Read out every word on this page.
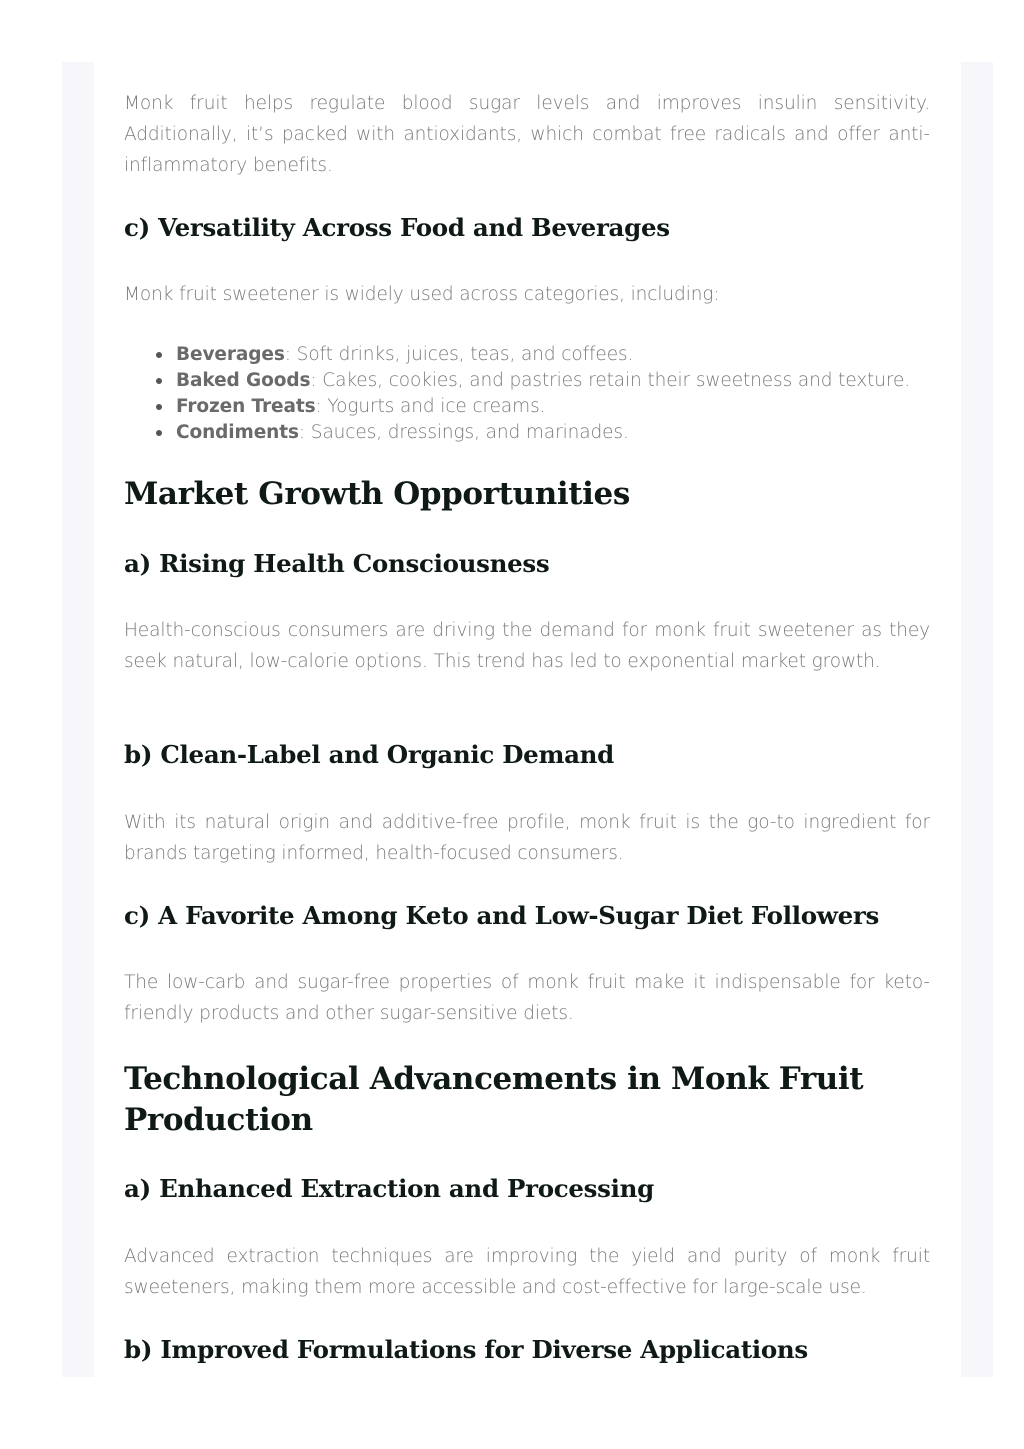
Monk fruit helps regulate blood sugar levels and improves insulin sensitivity. Additionally, it’s packed with antioxidants, which combat free radicals and offer anti-inflammatory benefits.

c) Versatility Across Food and Beverages

Monk fruit sweetener is widely used across categories, including:

Beverages: Soft drinks, juices, teas, and coffees.
Baked Goods: Cakes, cookies, and pastries retain their sweetness and texture.
Frozen Treats: Yogurts and ice creams.
Condiments: Sauces, dressings, and marinades.
Market Growth Opportunities
a) Rising Health Consciousness

Health-conscious consumers are driving the demand for monk fruit sweetener as they seek natural, low-calorie options. This trend has led to exponential market growth.

b) Clean-Label and Organic Demand

With its natural origin and additive-free profile, monk fruit is the go-to ingredient for brands targeting informed, health-focused consumers.

c) A Favorite Among Keto and Low-Sugar Diet Followers

The low-carb and sugar-free properties of monk fruit make it indispensable for keto-friendly products and other sugar-sensitive diets.

Technological Advancements in Monk Fruit
Production
a) Enhanced Extraction and Processing

Advanced extraction techniques are improving the yield and purity of monk fruit sweeteners, making them more accessible and cost-effective for large-scale use.

b) Improved Formulations for Diverse Applications
